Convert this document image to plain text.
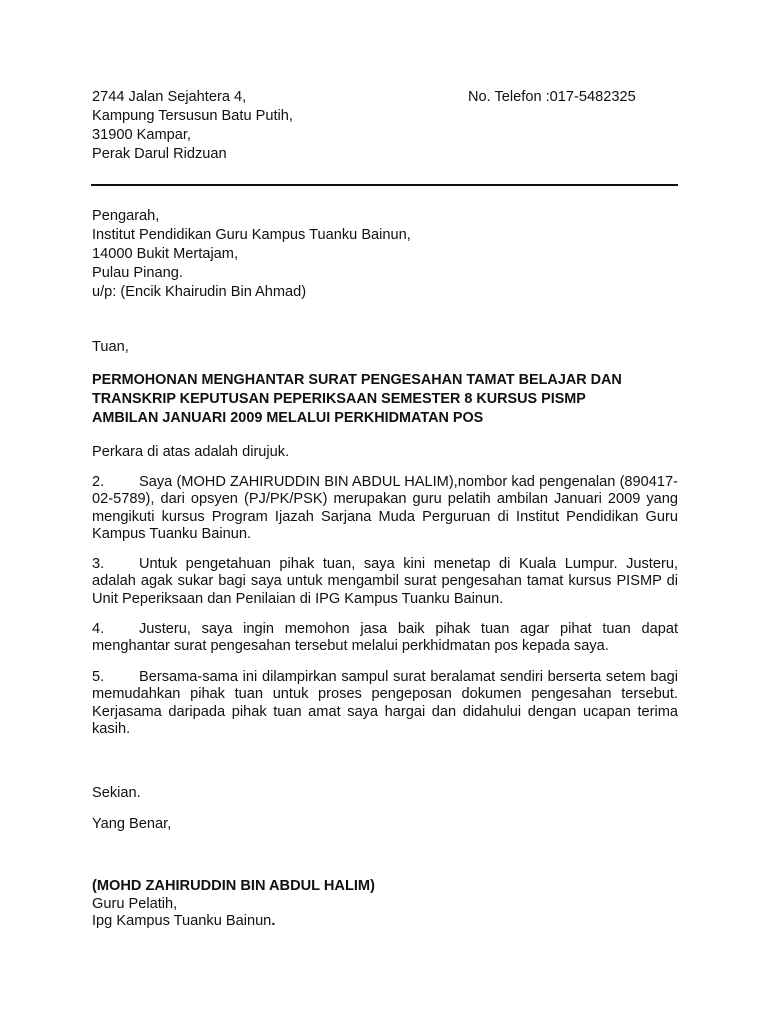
2744 Jalan Sejahtera 4,
Kampung Tersusun Batu Putih,
31900 Kampar,
Perak Darul Ridzuan
No. Telefon :017-5482325
Pengarah,
Institut Pendidikan Guru Kampus Tuanku Bainun,
14000 Bukit Mertajam,
Pulau Pinang.
u/p: (Encik Khairudin Bin Ahmad)
Tuan,
PERMOHONAN MENGHANTAR SURAT PENGESAHAN TAMAT BELAJAR DAN
TRANSKRIP KEPUTUSAN PEPERIKSAAN SEMESTER 8 KURSUS PISMP
AMBILAN JANUARI 2009 MELALUI PERKHIDMATAN POS
Perkara di atas adalah dirujuk.

2. Saya (MOHD ZAHIRUDDIN BIN ABDUL HALIM),nombor kad pengenalan (890417-02-5789), dari opsyen (PJ/PK/PSK) merupakan guru pelatih ambilan Januari 2009 yang mengikuti kursus Program Ijazah Sarjana Muda Perguruan di Institut Pendidikan Guru Kampus Tuanku Bainun.

3. Untuk pengetahuan pihak tuan, saya kini menetap di Kuala Lumpur. Justeru, adalah agak sukar bagi saya untuk mengambil surat pengesahan tamat kursus PISMP di Unit Peperiksaan dan Penilaian di IPG Kampus Tuanku Bainun.

4. Justeru, saya ingin memohon jasa baik pihak tuan agar pihat tuan dapat menghantar surat pengesahan tersebut melalui perkhidmatan pos kepada saya.

5. Bersama-sama ini dilampirkan sampul surat beralamat sendiri berserta setem bagi memudahkan pihak tuan untuk proses pengeposan dokumen pengesahan tersebut. Kerjasama daripada pihak tuan amat saya hargai dan didahului dengan ucapan terima kasih.

Sekian.
Yang Benar,
(MOHD ZAHIRUDDIN BIN ABDUL HALIM)
Guru Pelatih,
Ipg Kampus Tuanku Bainun.
